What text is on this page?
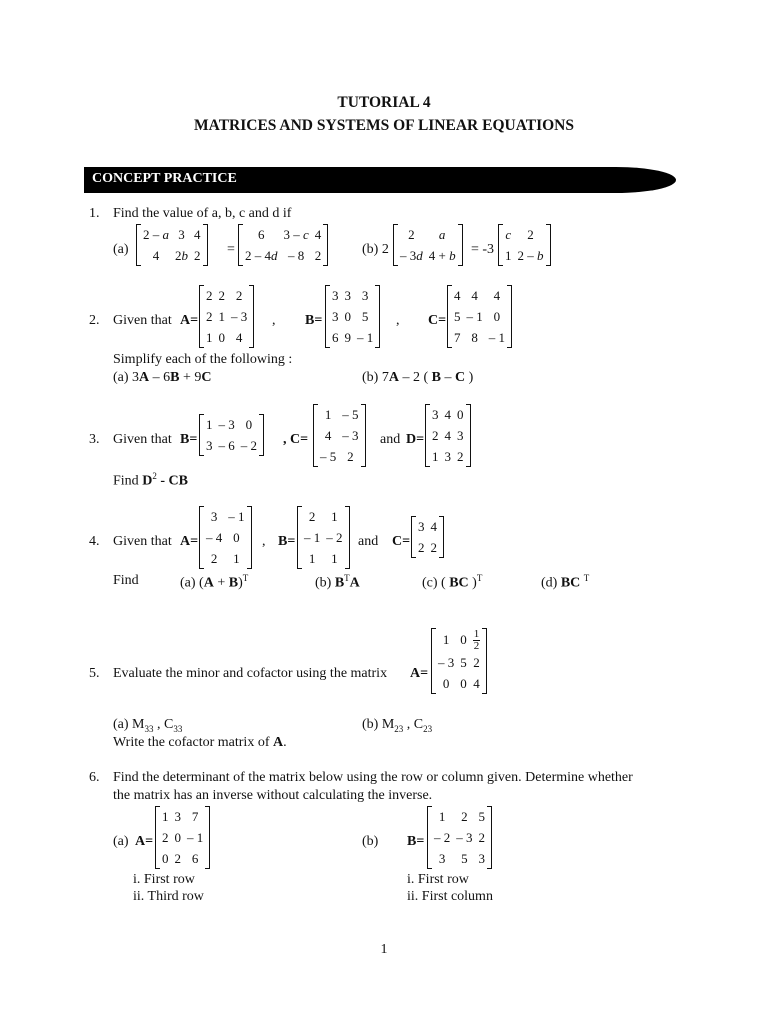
TUTORIAL 4
MATRICES AND SYSTEMS OF LINEAR EQUATIONS
CONCEPT PRACTICE
1. Find the value of a, b, c and d if
(a)
2 – a	3	4
4	2b	2 =
6	3 – c	4
2 – 4d	– 8	2	(b) 2
2	a
– 3d	4 + b = -3
c	2
1	2 – b
2. Given that A=
2	2	2
2	1	– 3
1	0	4
, B=
3	3	3
3	0	5
6	9	– 1
, C=
4	4	4
5	– 1	0
7	8	– 1
Simplify each of the following :
(a) 3A – 6B + 9C	(b) 7A – 2 ( B – C )
3. Given that B=
1	– 3	0
3	– 6	– 2 , C=
1	– 5
4	– 3
– 5	2
and D=
3	4	0
2	4	3
1	3	2
Find $D^2$ - CB
4. Given that A=
3	– 1
– 4	0
2	1
, B=
2	1
– 1	– 2
1	1
and C=
3	4
2	2
Find	(a) $(A + B)^T$	(b) $B^TA$	(c) ( BC )$^T$	(d) BC $^T$
5. Evaluate the minor and cofactor using the matrix A=
1	0	$\frac{1}{2}$

– 3	5	2
0	0	4
(a) $M_{33}$ , $C_{33}$	(b) $M_{23}$ , $C_{23}$
Write the cofactor matrix of A.
6. Find the determinant of the matrix below using the row or column given. Determine whether
the matrix has an inverse without calculating the inverse.
(a) A=
1	3	7
2	0	– 1
0	2	6
(b) B=
1	2	5
– 2	– 3	2
3	5	3
i. First row
ii. Third row
i. First row
ii. First column
1
